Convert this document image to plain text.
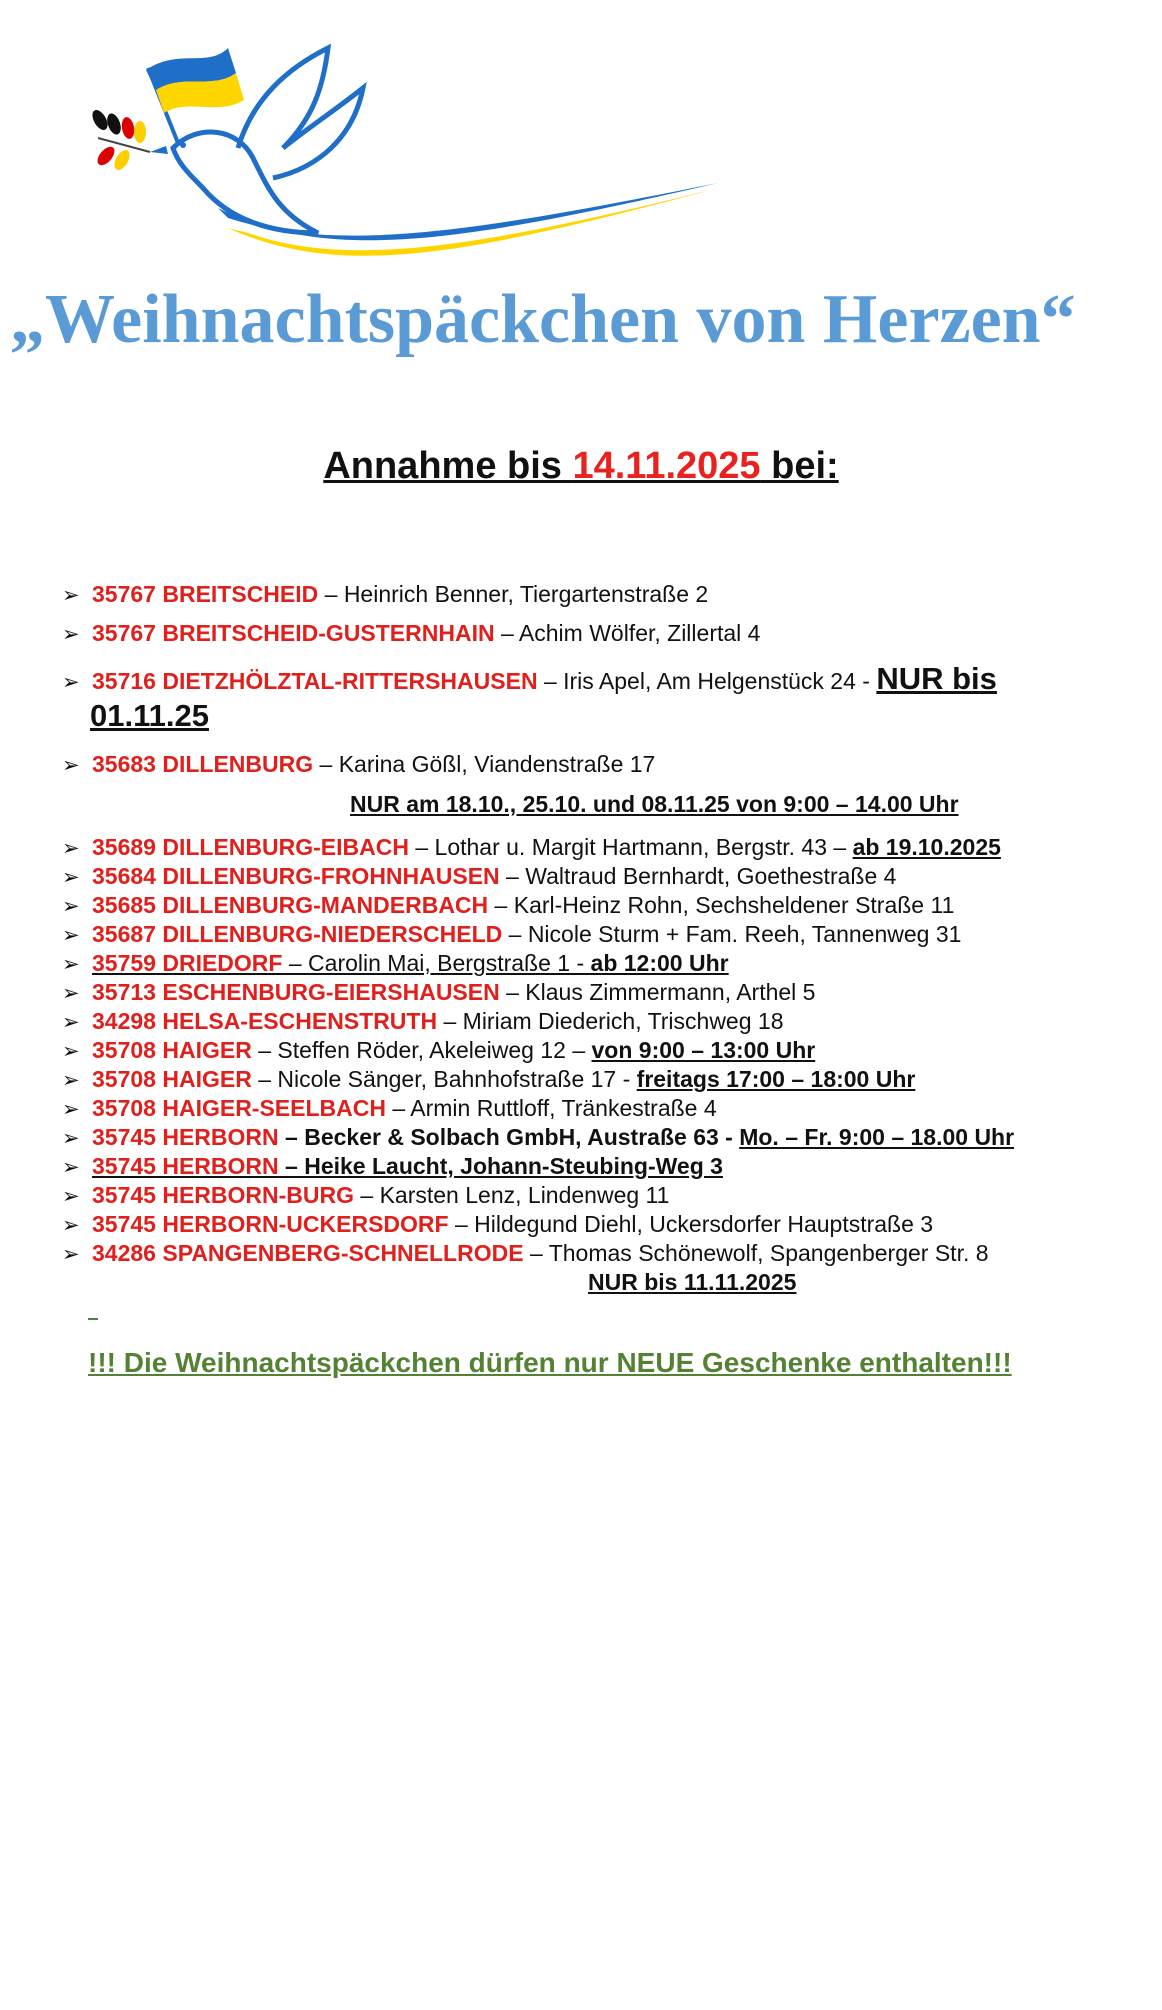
„Weihnachtspäckchen von Herzen“
Annahme bis 14.11.2025 bei:
➢ 35767 BREITSCHEID – Heinrich Benner, Tiergartenstraße 2
➢ 35767 BREITSCHEID-GUSTERNHAIN – Achim Wölfer, Zillertal 4
➢ 35716 DIETZHÖLZTAL-RITTERSHAUSEN – Iris Apel, Am Helgenstück 24 - NUR bis
01.11.25
➢ 35683 DILLENBURG – Karina Gößl, Viandenstraße 17
➢ 35689 DILLENBURG-EIBACH – Lothar u. Margit Hartmann, Bergstr. 43 – ab 19.10.2025
➢ 35684 DILLENBURG-FROHNHAUSEN – Waltraud Bernhardt, Goethestraße 4
➢ 35685 DILLENBURG-MANDERBACH – Karl-Heinz Rohn, Sechsheldener Straße 11
➢ 35687 DILLENBURG-NIEDERSCHELD – Nicole Sturm + Fam. Reeh, Tannenweg 31
➢ 35759 DRIEDORF – Carolin Mai, Bergstraße 1 - ab 12:00 Uhr
➢ 35713 ESCHENBURG-EIERSHAUSEN – Klaus Zimmermann, Arthel 5
➢ 34298 HELSA-ESCHENSTRUTH – Miriam Diederich, Trischweg 18
➢ 35708 HAIGER – Steffen Röder, Akeleiweg 12 – von 9:00 – 13:00 Uhr
➢ 35708 HAIGER – Nicole Sänger, Bahnhofstraße 17 - freitags 17:00 – 18:00 Uhr
➢ 35708 HAIGER-SEELBACH – Armin Ruttloff, Tränkestraße 4
➢ 35745 HERBORN – Becker & Solbach GmbH, Austraße 63 - Mo. – Fr. 9:00 – 18.00 Uhr
➢ 35745 HERBORN – Heike Laucht, Johann-Steubing-Weg 3
➢ 35745 HERBORN-BURG – Karsten Lenz, Lindenweg 11
➢ 35745 HERBORN-UCKERSDORF – Hildegund Diehl, Uckersdorfer Hauptstraße 3
➢ 34286 SPANGENBERG-SCHNELLRODE – Thomas Schönewolf, Spangenberger Str. 8
NUR am 18.10., 25.10. und 08.11.25 von 9:00 – 14.00 Uhr
NUR bis 11.11.2025
!!! Die Weihnachtspäckchen dürfen nur NEUE Geschenke enthalten!!!
